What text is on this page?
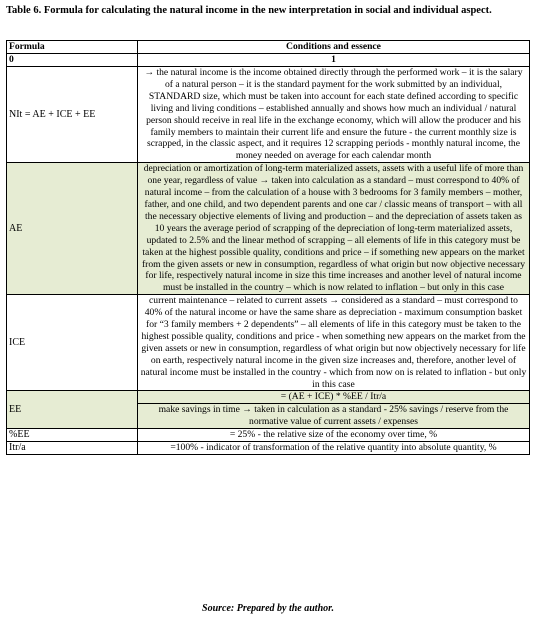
Table 6. Formula for calculating the natural income in the new interpretation in social and individual aspect.
Formula	Conditions and essence
0	1
NIt = AE + ICE + EE	→ the natural income is the income obtained directly through the performed work – it is the salary of a natural person – it is the standard payment for the work submitted by an individual, STANDARD size, which must be taken into account for each state defined according to specific living and living conditions – established annually and shows how much an individual / natural person should receive in real life in the exchange economy, which will allow the producer and his family members to maintain their current life and ensure the future - the current monthly size is scrapped, in the classic aspect, and it requires 12 scrapping periods - monthly natural income, the money needed on average for each calendar month
AE	depreciation or amortization of long-term materialized assets, assets with a useful life of more than one year, regardless of value → taken into calculation as a standard – must correspond to 40% of natural income – from the calculation of a house with 3 bedrooms for 3 family members – mother, father, and one child, and two dependent parents and one car / classic means of transport – with all the necessary objective elements of living and production – and the depreciation of assets taken as 10 years the average period of scrapping of the depreciation of long-term materialized assets, updated to 2.5% and the linear method of scrapping – all elements of life in this category must be taken at the highest possible quality, conditions and price – if something new appears on the market from the given assets or new in consumption, regardless of what origin but now objective necessary for life, respectively natural income in size this time increases and another level of natural income must be installed in the country – which is now related to inflation – but only in this case
ICE	current maintenance – related to current assets → considered as a standard – must correspond to 40% of the natural income or have the same share as depreciation - maximum consumption basket for “3 family members + 2 dependents” – all elements of life in this category must be taken to the highest possible quality, conditions and price - when something new appears on the market from the given assets or new in consumption, regardless of what origin but now objectively necessary for life on earth, respectively natural income in the given size increases and, therefore, another level of natural income must be installed in the country - which from now on is related to inflation - but only in this case
EE	= (AE + ICE) * %EE / Itr/a
	make savings in time → taken in calculation as a standard - 25% savings / reserve from the normative value of current assets / expenses
%EE	= 25% - the relative size of the economy over time, %
Itr/a	=100% - indicator of transformation of the relative quantity into absolute quantity, %
Source: Prepared by the author.
